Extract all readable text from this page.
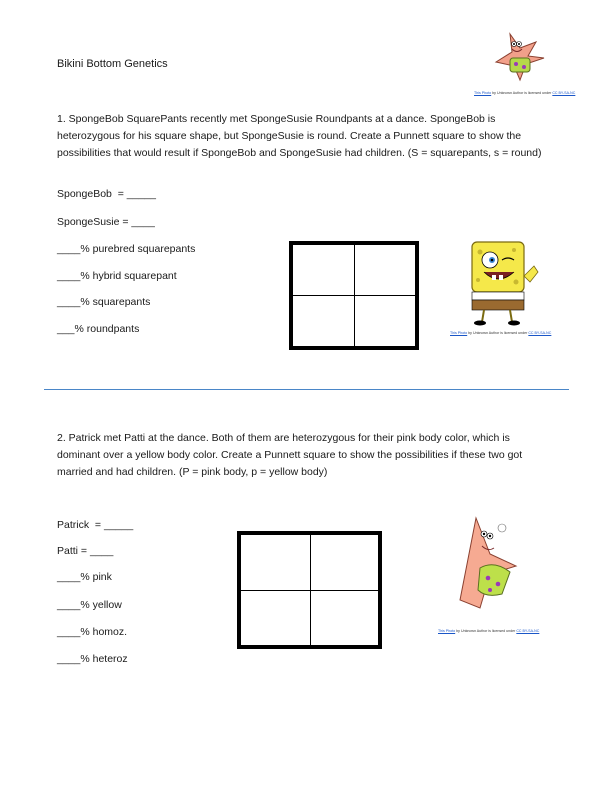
Bikini Bottom Genetics
This Photo by Unknown Author is licensed under CC BY-SA-NC

1. SpongeBob SquarePants recently met SpongeSusie Roundpants at a dance. SpongeBob is heterozygous for his square shape, but SpongeSusie is round. Create a Punnett square to show the possibilities that would result if SpongeBob and SpongeSusie had children. (S = squarepants, s = round)

SpongeBob  = _____
SpongeSusie = ____
____% purebred squarepants
____% hybrid squarepant
____% squarepants
___% roundpants	This Photo by Unknown Author is licensed under CC BY-SA-NC

2. Patrick met Patti at the dance. Both of them are heterozygous for their pink body color, which is dominant over a yellow body color. Create a Punnett square to show the possibilities if these two got married and had children. (P = pink body, p = yellow body)

Patrick  = _____
Patti = ____
____% pink
____% yellow
____% homoz.
____% heteroz
This Photo by Unknown Author is licensed under CC BY-SA-NC
